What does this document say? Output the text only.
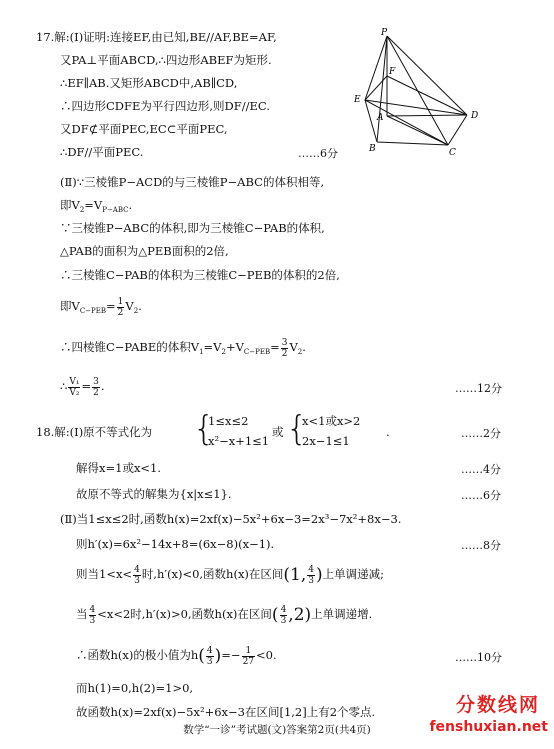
17.解:(Ⅰ)证明:连接EF,由已知,BE//AF,BE=AF,
又PA⊥平面ABCD,∴四边形ABEF为矩形.
∴EF∥AB.又矩形ABCD中,AB∥CD,
∴四边形CDFE为平行四边形,则DF//EC.
又DF⊄平面PEC,EC⊂平面PEC,
∴DF//平面PEC.	……6分
P
F
E
A	D
B	C
(Ⅱ)∵三棱锥P−ACD的与三棱锥P−ABC的体积相等,
即$V_2=V_{P-ABC}$.
∵三棱锥P−ABC的体积,即为三棱锥C−PAB的体积,
△PAB的面积为△PEB面积的2倍,
∴三棱锥C−PAB的体积为三棱锥C−PEB的体积的2倍,
即$V_{C-PEB}= \frac{1}{2} V_2$.
∴四棱锥C−PABE的体积$V_1=V_2+V_{C-PEB}= \frac{3}{2} V_2$.
∴ $\frac{\text{V₁}}{\text{V₂}} = \frac{3}{2}$ .	……12分
18.解:(Ⅰ)原不等式化为 {
1≤x≤2
x²−x+1≤1
或 {
x<1或x>2
2x−1≤1
.	……2分
解得x=1或x<1.	……4分
故原不等式的解集为{x|x≤1}.	……6分
(Ⅱ)当1≤x≤2时,函数h(x)=2xf(x)−5x²+6x−3=2x³−7x²+8x−3.
则h′(x)=6x²−14x+8=(6x−8)(x−1).	……8分
则当$1<x< \frac{4}{3}$ 时,h′(x)<0,函数h(x)在区间(1, $\frac{4}{3}$ )上单调递减;
当 $\frac{4}{3} <x<2$时,h′(x)>0,函数h(x)在区间( $\frac{4}{3} ,2$)上单调递增.
∴函数h(x)的极小值为$h( \frac{4}{3}$ )=− $\frac{1}{27} <0$.	……10分
而h(1)=0,h(2)=1>0,
故函数h(x)=2xf(x)−5x²+6x−3在区间[1,2]上有2个零点.
数学“一诊”考试题(文)答案第2页(共4页)
分数线网
fenshuxian.net
